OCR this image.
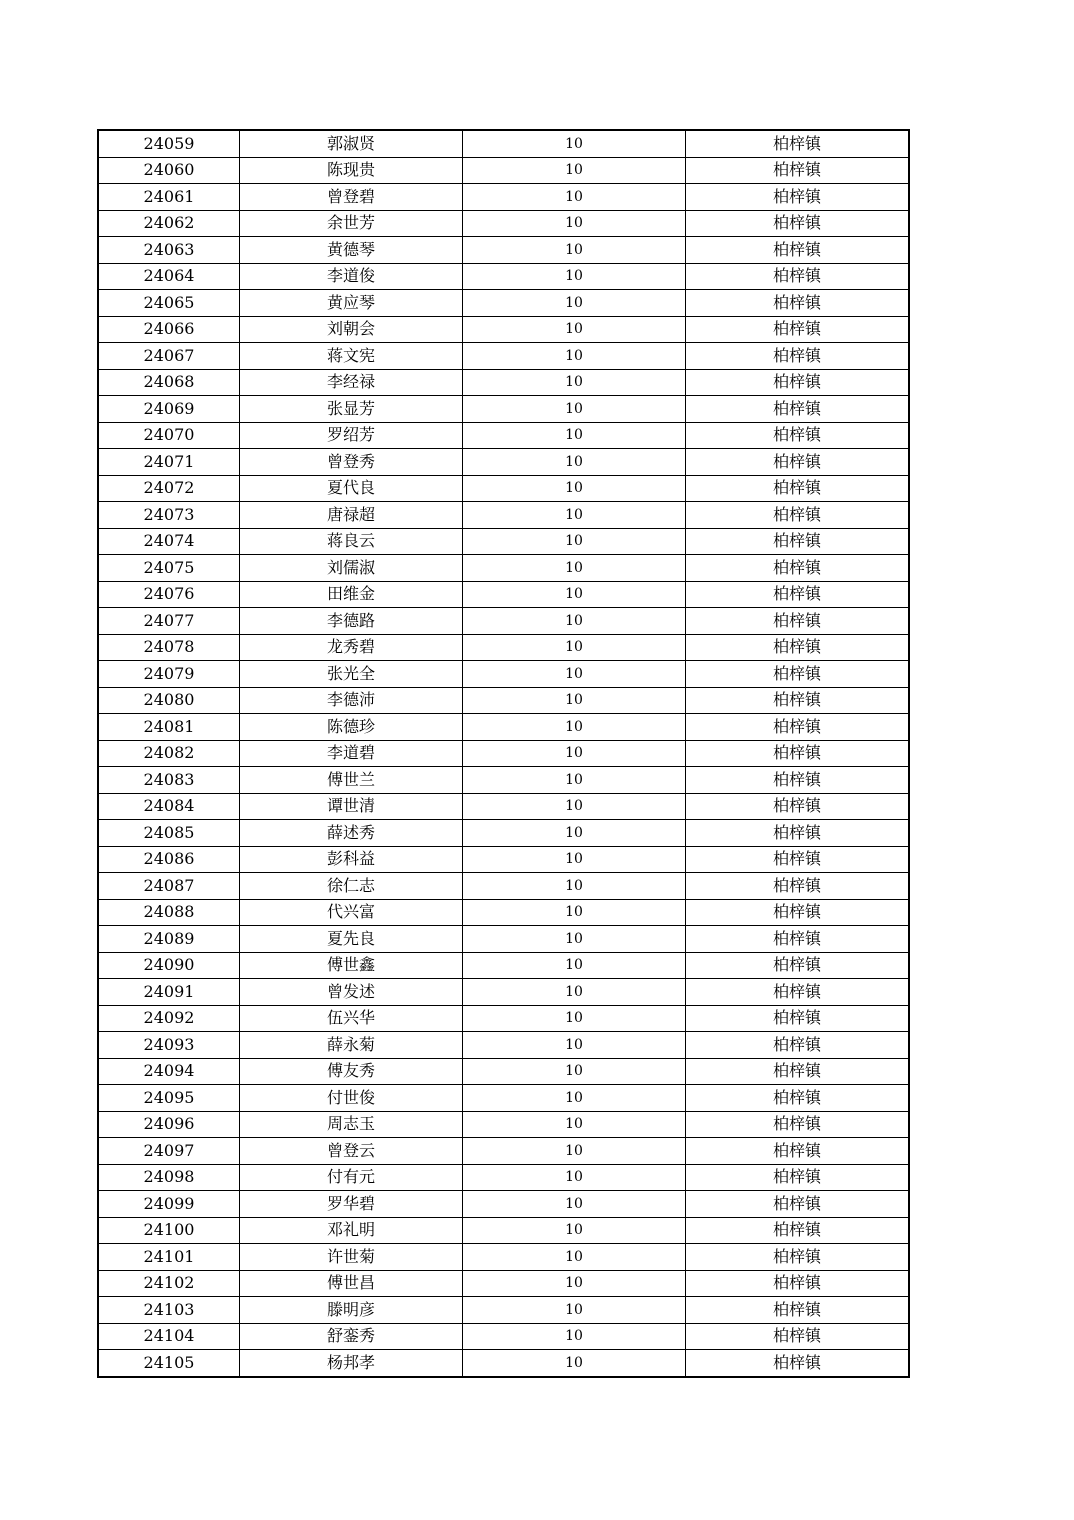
24059	郭淑贤	10	柏梓镇
24060	陈现贵	10	柏梓镇
24061	曾登碧	10	柏梓镇
24062	余世芳	10	柏梓镇
24063	黄德琴	10	柏梓镇
24064	李道俊	10	柏梓镇
24065	黄应琴	10	柏梓镇
24066	刘朝会	10	柏梓镇
24067	蒋文宪	10	柏梓镇
24068	李经禄	10	柏梓镇
24069	张显芳	10	柏梓镇
24070	罗绍芳	10	柏梓镇
24071	曾登秀	10	柏梓镇
24072	夏代良	10	柏梓镇
24073	唐禄超	10	柏梓镇
24074	蒋良云	10	柏梓镇
24075	刘儒淑	10	柏梓镇
24076	田维金	10	柏梓镇
24077	李德路	10	柏梓镇
24078	龙秀碧	10	柏梓镇
24079	张光全	10	柏梓镇
24080	李德沛	10	柏梓镇
24081	陈德珍	10	柏梓镇
24082	李道碧	10	柏梓镇
24083	傅世兰	10	柏梓镇
24084	谭世清	10	柏梓镇
24085	薛述秀	10	柏梓镇
24086	彭科益	10	柏梓镇
24087	徐仁志	10	柏梓镇
24088	代兴富	10	柏梓镇
24089	夏先良	10	柏梓镇
24090	傅世鑫	10	柏梓镇
24091	曾发述	10	柏梓镇
24092	伍兴华	10	柏梓镇
24093	薛永菊	10	柏梓镇
24094	傅友秀	10	柏梓镇
24095	付世俊	10	柏梓镇
24096	周志玉	10	柏梓镇
24097	曾登云	10	柏梓镇
24098	付有元	10	柏梓镇
24099	罗华碧	10	柏梓镇
24100	邓礼明	10	柏梓镇
24101	许世菊	10	柏梓镇
24102	傅世昌	10	柏梓镇
24103	滕明彦	10	柏梓镇
24104	舒銮秀	10	柏梓镇
24105	杨邦孝	10	柏梓镇
